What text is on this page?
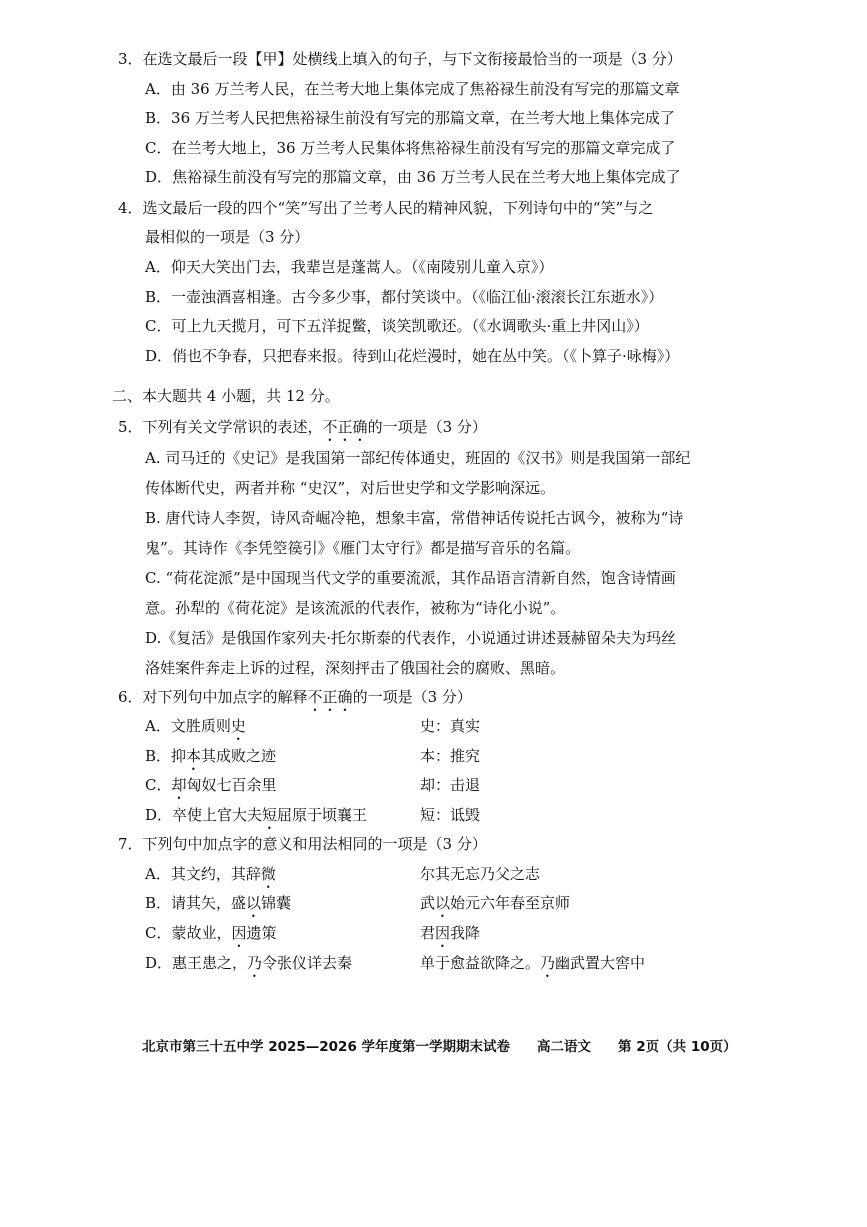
3．在选文最后一段【甲】处横线上填入的句子，与下文衔接最恰当的一项是（3 分）
A．由 36 万兰考人民，在兰考大地上集体完成了焦裕禄生前没有写完的那篇文章
B．36 万兰考人民把焦裕禄生前没有写完的那篇文章，在兰考大地上集体完成了
C．在兰考大地上，36 万兰考人民集体将焦裕禄生前没有写完的那篇文章完成了
D．焦裕禄生前没有写完的那篇文章，由 36 万兰考人民在兰考大地上集体完成了
4．选文最后一段的四个“笑”写出了兰考人民的精神风貌，下列诗句中的“笑”与之
最相似的一项是（3 分）
A．仰天大笑出门去，我辈岂是蓬蒿人。（《南陵别儿童入京》）
B．一壶浊酒喜相逢。古今多少事，都付笑谈中。（《临江仙·滚滚长江东逝水》）
C．可上九天揽月，可下五洋捉鳖，谈笑凯歌还。（《水调歌头·重上井冈山》）
D．俏也不争春，只把春来报。待到山花烂漫时，她在丛中笑。（《卜算子·咏梅》）
二、本大题共 4 小题，共 12 分。
5．下列有关文学常识的表述，不正确的一项是（3 分）
A. 司马迁的《史记》是我国第一部纪传体通史，班固的《汉书》则是我国第一部纪
传体断代史，两者并称 “史汉”，对后世史学和文学影响深远。
B. 唐代诗人李贺，诗风奇崛冷艳，想象丰富，常借神话传说托古讽今，被称为“诗
鬼”。其诗作《李凭箜篌引》《雁门太守行》都是描写音乐的名篇。
C. “荷花淀派”是中国现当代文学的重要流派，其作品语言清新自然，饱含诗情画
意。孙犁的《荷花淀》是该流派的代表作，被称为“诗化小说”。
D.《复活》是俄国作家列夫·托尔斯泰的代表作，小说通过讲述聂赫留朵夫为玛丝
洛娃案件奔走上诉的过程，深刻抨击了俄国社会的腐败、黑暗。
6．对下列句中加点字的解释不正确的一项是（3 分）
A．文胜质则史	史：真实
B．抑本其成败之迹	本：推究
C．却匈奴七百余里	却：击退
D．卒使上官大夫短屈原于顷襄王	短：诋毁
7．下列句中加点字的意义和用法相同的一项是（3 分）
A．其文约，其辞微	尔其无忘乃父之志
B．请其矢，盛以锦囊	武以始元六年春至京师
C．蒙故业，因遗策	君因我降
D．惠王患之，乃令张仪详去秦	单于愈益欲降之。乃幽武置大窖中
北京市第三十五中学 2025—2026 学年度第一学期期末试卷　　高二语文　　第 2页（共 10页）
